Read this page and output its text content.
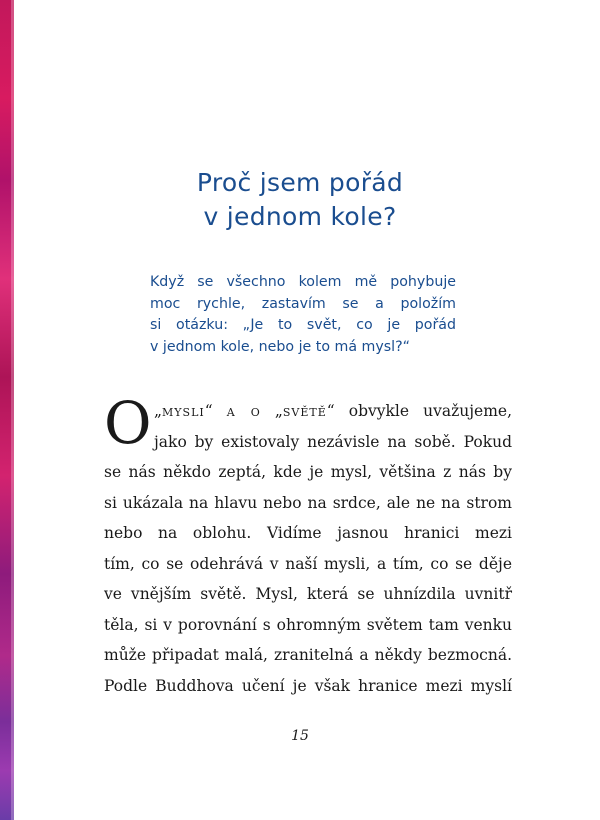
Proč jsem pořád
v jednom kole?
Když se všechno kolem mě pohybuje
moc rychle, zastavím se a položím
si otázku: „Je to svět, co je pořád
v jednom kole, nebo je to má mysl?“
O „mysli“ a o „světě“ obvykle uvažujeme,
jako by existovaly nezávisle na sobě. Pokud
se nás někdo zeptá, kde je mysl, většina z nás by
si ukázala na hlavu nebo na srdce, ale ne na strom
nebo na oblohu. Vidíme jasnou hranici mezi
tím, co se odehrává v naší mysli, a tím, co se děje
ve vnějším světě. Mysl, která se uhnízdila uvnitř
těla, si v porovnání s ohromným světem tam venku
může připadat malá, zranitelná a někdy bezmocná.
Podle Buddhova učení je však hranice mezi myslí
15
